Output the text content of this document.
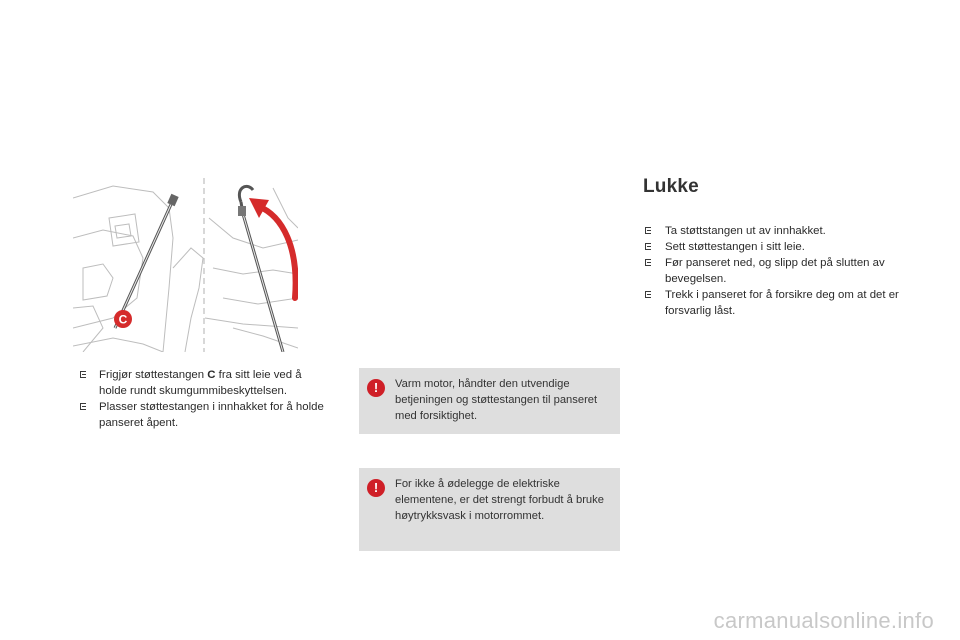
C
Frigjør støttestangen C fra sitt leie ved å holde rundt skumgummibeskyttelsen.
Plasser støttestangen i innhakket for å holde panseret åpent.
!	Varm motor, håndter den utvendige betjeningen og støttestangen til panseret med forsiktighet.
!	For ikke å ødelegge de elektriske elementene, er det strengt forbudt å bruke høytrykksvask i motorrommet.
Lukke
Ta støttstangen ut av innhakket.
Sett støttestangen i sitt leie.
Før panseret ned, og slipp det på slutten av bevegelsen.
Trekk i panseret for å forsikre deg om at det er forsvarlig låst.
carmanualsonline.info
